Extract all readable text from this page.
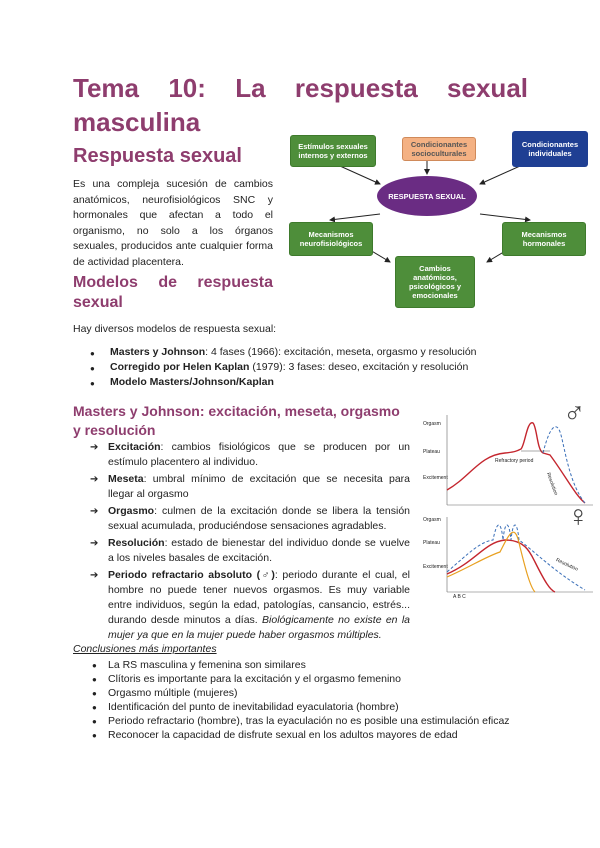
Tema 10: La respuesta sexual
masculina
Respuesta sexual
Es una compleja sucesión de cambios anatómicos, neurofisiológicos SNC y hormonales que afectan a todo el organismo, no solo a los órganos sexuales, producidos ante cualquier forma de actividad placentera.
Estímulos sexuales internos y externos
Condicionantes socioculturales
Condicionantes individuales
RESPUESTA SEXUAL
Mecanismos neurofisiológicos
Mecanismos hormonales
Cambios anatómicos, psicológicos y emocionales
Modelos de respuesta
sexual
Hay diversos modelos de respuesta sexual:
● Masters y Johnson: 4 fases (1966): excitación, meseta, orgasmo y resolución
● Corregido por Helen Kaplan (1979): 3 fases: deseo, excitación y resolución
● Modelo Masters/Johnson/Kaplan
Masters y Johnson: excitación, meseta, orgasmo y resolución
➔ Excitación: cambios fisiológicos que se producen por un estímulo placentero al individuo.
➔ Meseta: umbral mínimo de excitación que se necesita para llegar al orgasmo
➔ Orgasmo: culmen de la excitación donde se libera la tensión sexual acumulada, produciéndose sensaciones agradables.
➔ Resolución: estado de bienestar del individuo donde se vuelve a los niveles basales de excitación.
➔ Periodo refractario absoluto (♂): periodo durante el cual, el hombre no puede tener nuevos orgasmos. Es muy variable entre individuos, según la edad, patologías, cansancio, estrés... durando desde minutos a días. Biológicamente no existe en la mujer ya que en la mujer puede haber orgasmos múltiples.
Orgasm
Plateau
Excitement
Refractory period
Resolution
♂
Orgasm
Plateau
Excitement	Resolution
A B C
♀
Conclusiones más importantes
● La RS masculina y femenina son similares
● Clítoris es importante para la excitación y el orgasmo femenino
● Orgasmo múltiple (mujeres)
● Identificación del punto de inevitabilidad eyaculatoria (hombre)
● Periodo refractario (hombre), tras la eyaculación no es posible una estimulación eficaz
● Reconocer la capacidad de disfrute sexual en los adultos mayores de edad
